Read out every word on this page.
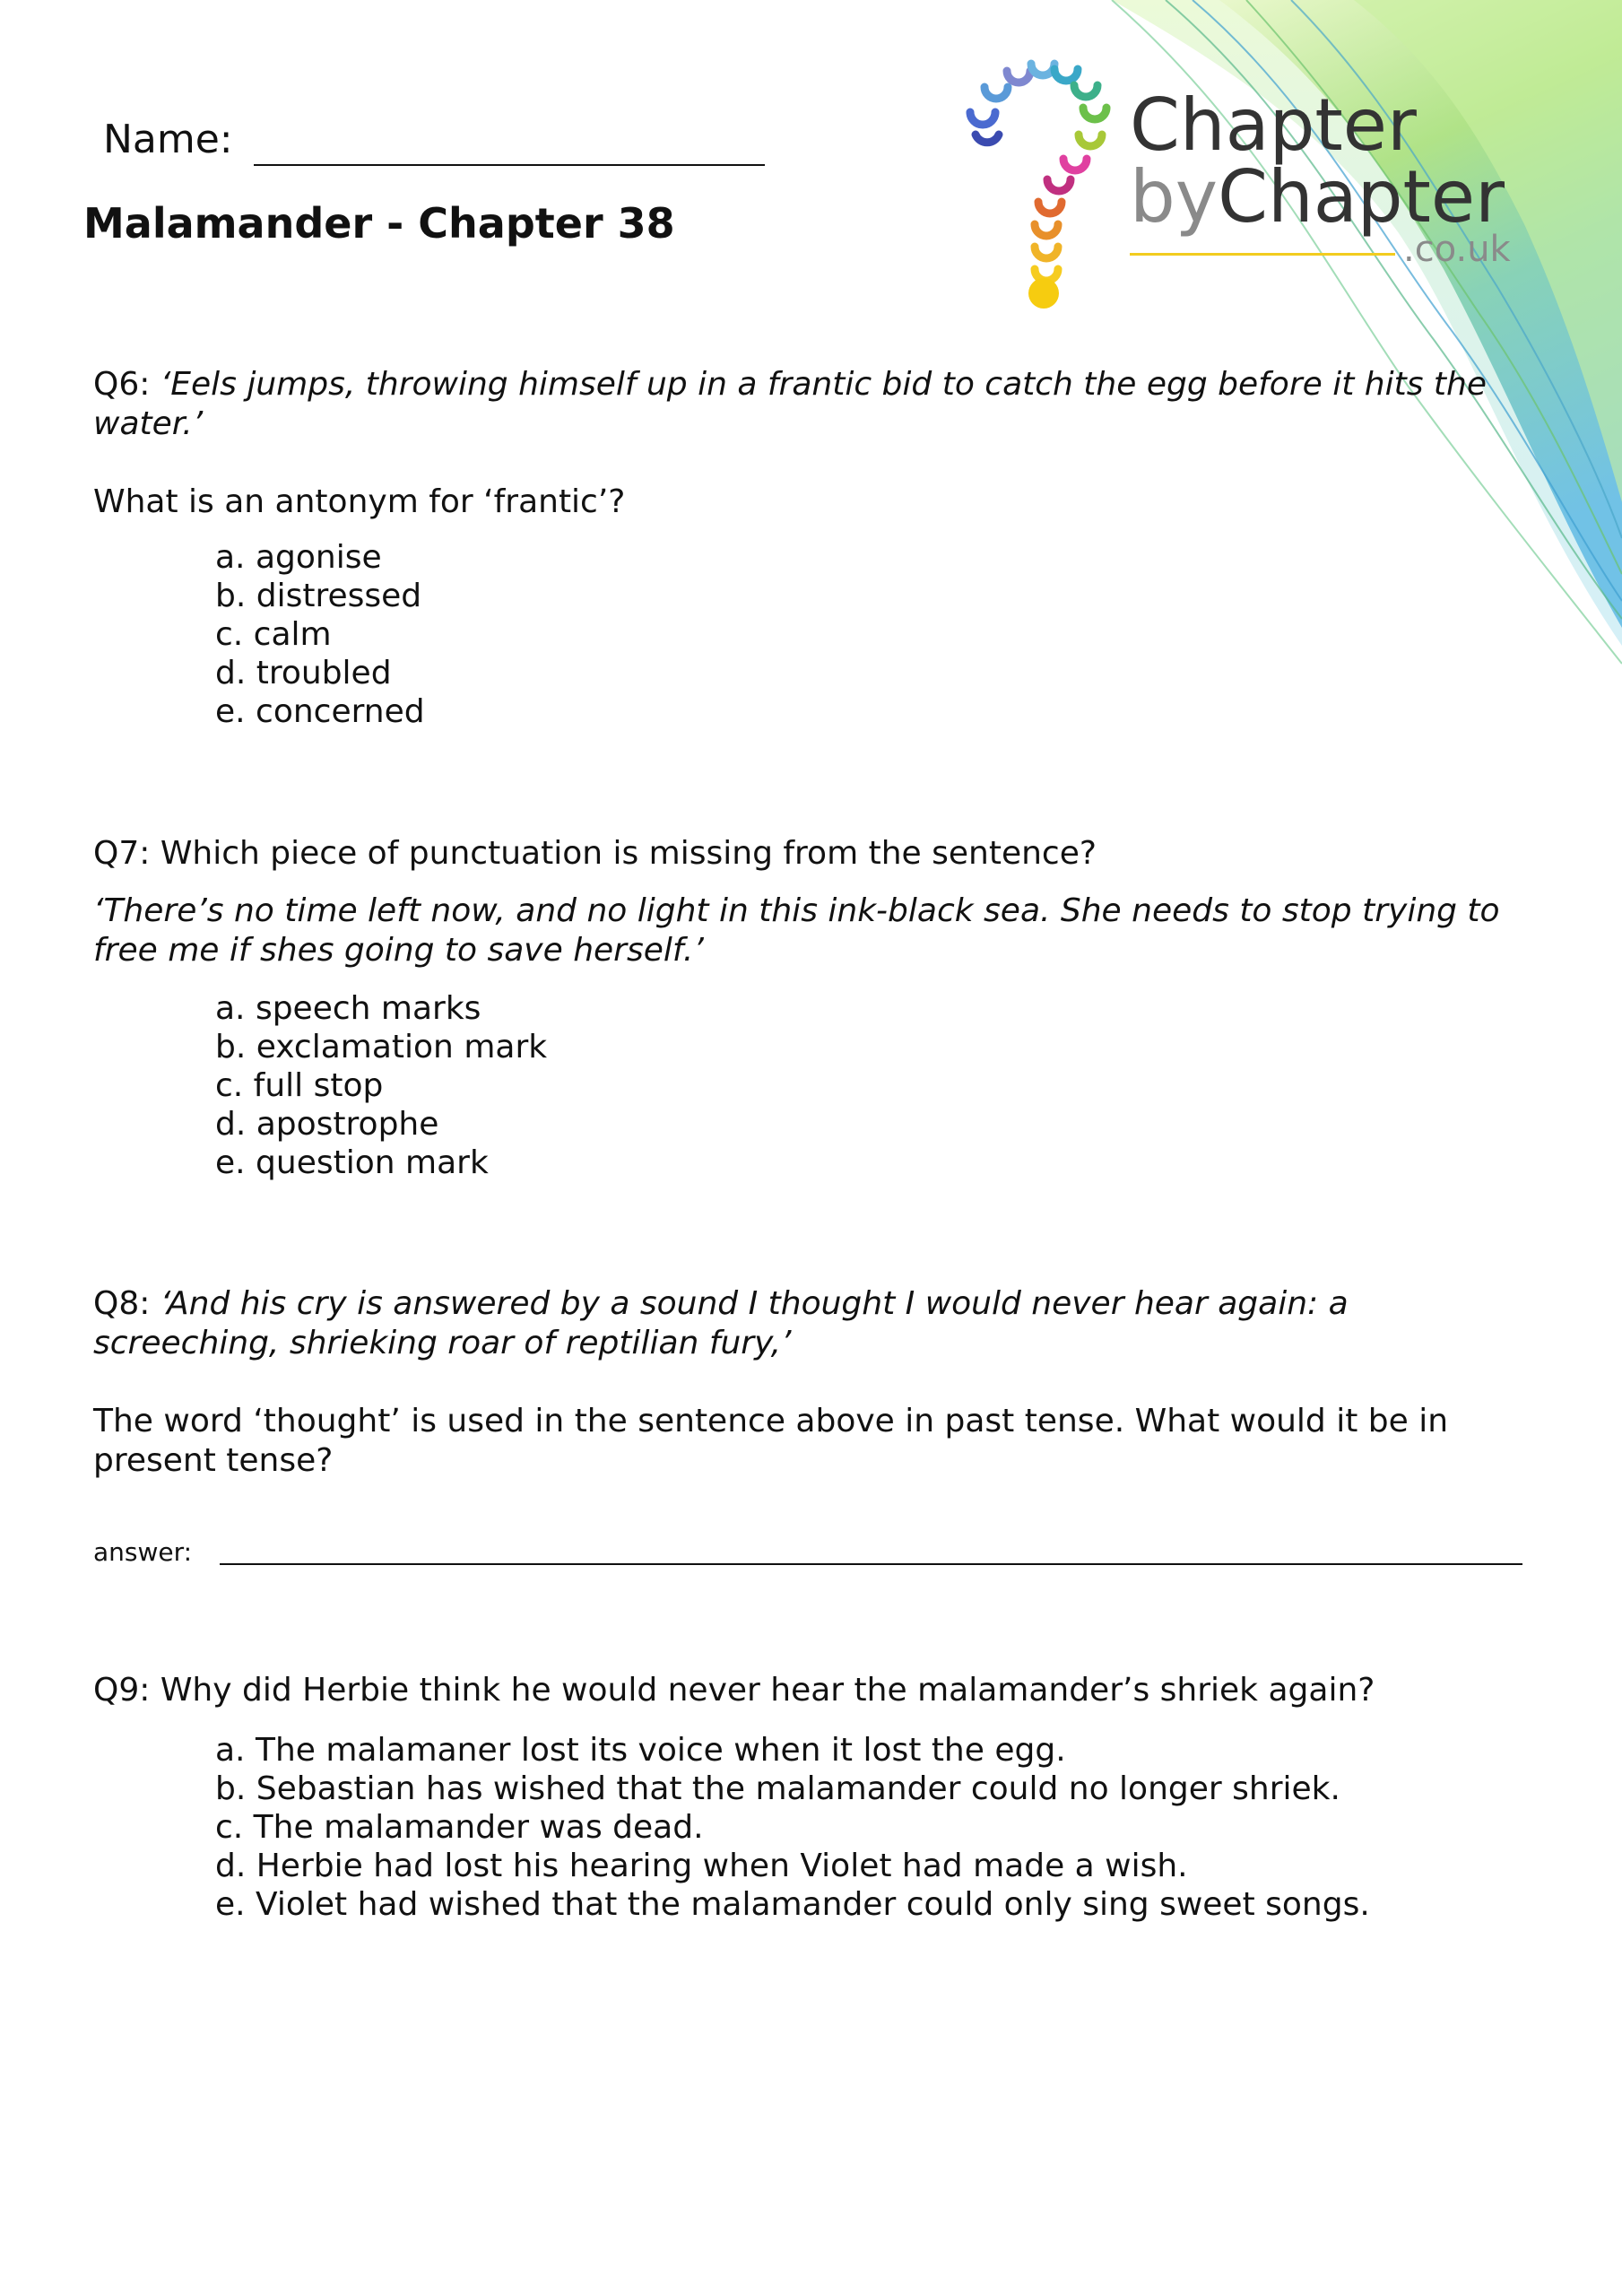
Name:
Malamander - Chapter 38
Chapter
byChapter
.co.uk
Q6: ‘Eels jumps, throwing himself up in a frantic bid to catch the egg before it hits the water.’
What is an antonym for ‘frantic’?
a. agonise
b. distressed
c. calm
d. troubled
e. concerned
Q7: Which piece of punctuation is missing from the sentence?
‘There’s no time left now, and no light in this ink-black sea. She needs to stop trying to free me if shes going to save herself.’
a. speech marks
b. exclamation mark
c. full stop
d. apostrophe
e. question mark
Q8: ‘And his cry is answered by a sound I thought I would never hear again: a screeching, shrieking roar of reptilian fury,’
The word ‘thought’ is used in the sentence above in past tense. What would it be in present tense?
answer:
Q9: Why did Herbie think he would never hear the malamander’s shriek again?
a. The malamaner lost its voice when it lost the egg.
b. Sebastian has wished that the malamander could no longer shriek.
c. The malamander was dead.
d. Herbie had lost his hearing when Violet had made a wish.
e. Violet had wished that the malamander could only sing sweet songs.
